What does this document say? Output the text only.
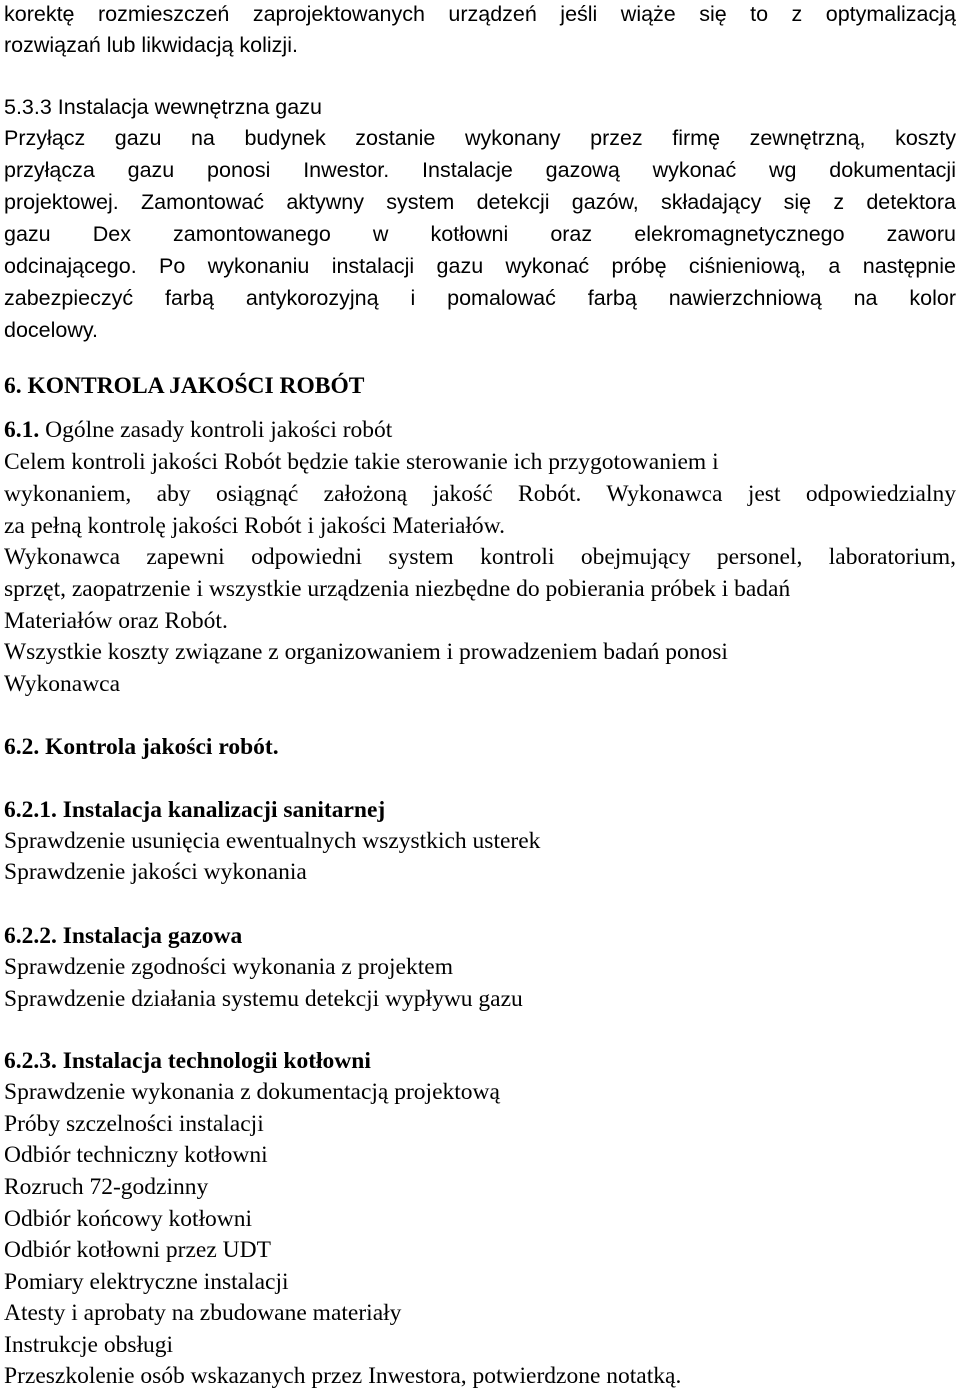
korektę rozmieszczeń zaprojektowanych urządzeń jeśli wiąże się to z optymalizacją
rozwiązań lub likwidacją kolizji.
5.3.3 Instalacja wewnętrzna gazu
Przyłącz gazu na budynek zostanie wykonany przez firmę zewnętrzną, koszty
przyłącza gazu ponosi Inwestor. Instalacje gazową wykonać wg dokumentacji
projektowej. Zamontować aktywny system detekcji gazów, składający się z detektora
gazu Dex zamontowanego w kotłowni oraz elekromagnetycznego zaworu
odcinającego. Po wykonaniu instalacji gazu wykonać próbę ciśnieniową, a następnie
zabezpieczyć farbą antykorozyjną i pomalować farbą nawierzchniową na kolor
docelowy.
6. KONTROLA JAKOŚCI ROBÓT
6.1. Ogólne zasady kontroli jakości robót
Celem kontroli jakości Robót będzie takie sterowanie ich przygotowaniem i
wykonaniem, aby osiągnąć założoną jakość Robót. Wykonawca jest odpowiedzialny
za pełną kontrolę jakości Robót i jakości Materiałów.
Wykonawca zapewni odpowiedni system kontroli obejmujący personel, laboratorium,
sprzęt, zaopatrzenie i wszystkie urządzenia niezbędne do pobierania próbek i badań
Materiałów oraz Robót.
Wszystkie koszty związane z organizowaniem i prowadzeniem badań ponosi
Wykonawca
6.2. Kontrola jakości robót.
6.2.1. Instalacja kanalizacji sanitarnej
Sprawdzenie usunięcia ewentualnych wszystkich usterek
Sprawdzenie jakości wykonania
6.2.2. Instalacja gazowa
Sprawdzenie zgodności wykonania z projektem
Sprawdzenie działania systemu detekcji wypływu gazu
6.2.3. Instalacja technologii kotłowni
Sprawdzenie wykonania z dokumentacją projektową
Próby szczelności instalacji
Odbiór techniczny kotłowni
Rozruch 72-godzinny
Odbiór końcowy kotłowni
Odbiór kotłowni przez UDT
Pomiary elektryczne instalacji
Atesty i aprobaty na zbudowane materiały
Instrukcje obsługi
Przeszkolenie osób wskazanych przez Inwestora, potwierdzone notatką.
